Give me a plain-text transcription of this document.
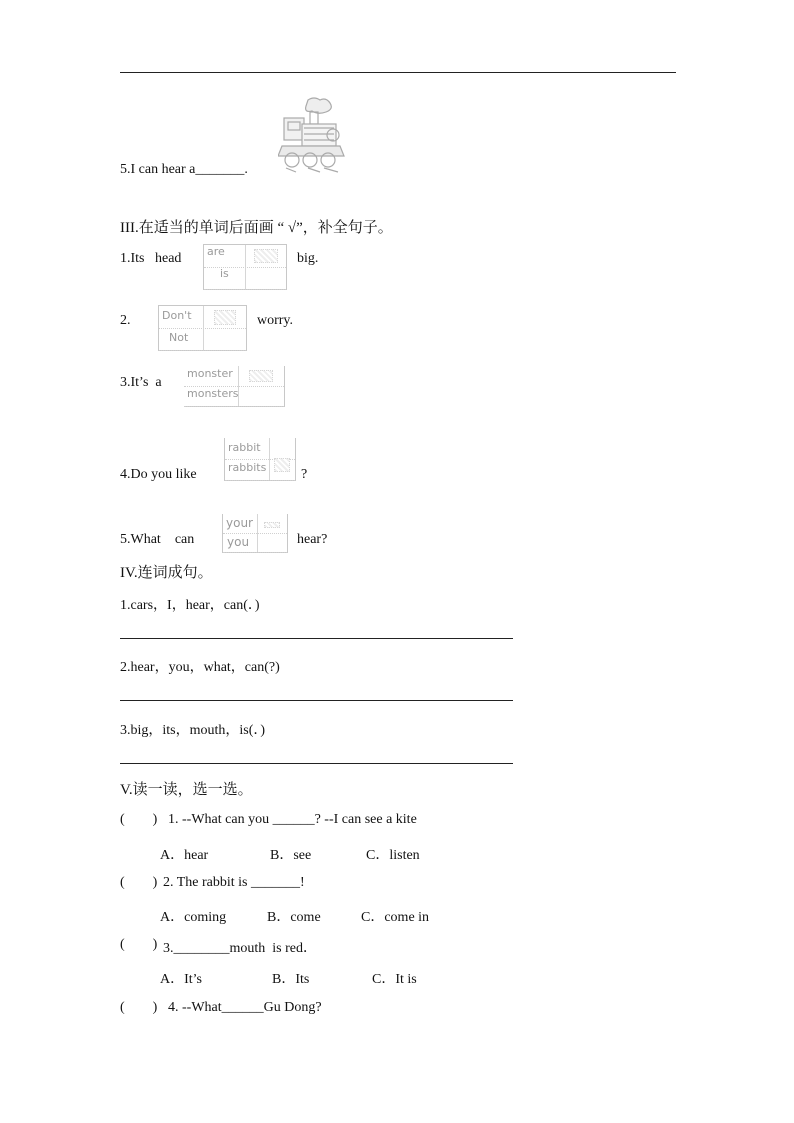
5.I can hear a_______.
III.在适当的单词后面画 “ √”，补全句子。
1.Its   head are
is
big.
2.	Don't
Not
worry.
3.It’s  a
monster
monsters
4.Do you like
rabbit
rabbits ?
5.What    can
your
you	hear?
IV.连词成句。
1.cars，I，hear，can(．)
2.hear，you，what，can(?)
3.big，its，mouth，is(．)
V.读一读，选一选。
(        ) 1. --What can you ______? --I can see a kite
A．hear	B．see	C．listen
(        ) 2. The rabbit is _______!
A．coming	B．come	C．come in
(        ) 3.________mouth  is red．
A．It’s	B．Its	C．It is
(        ) 4. --What______Gu Dong?
